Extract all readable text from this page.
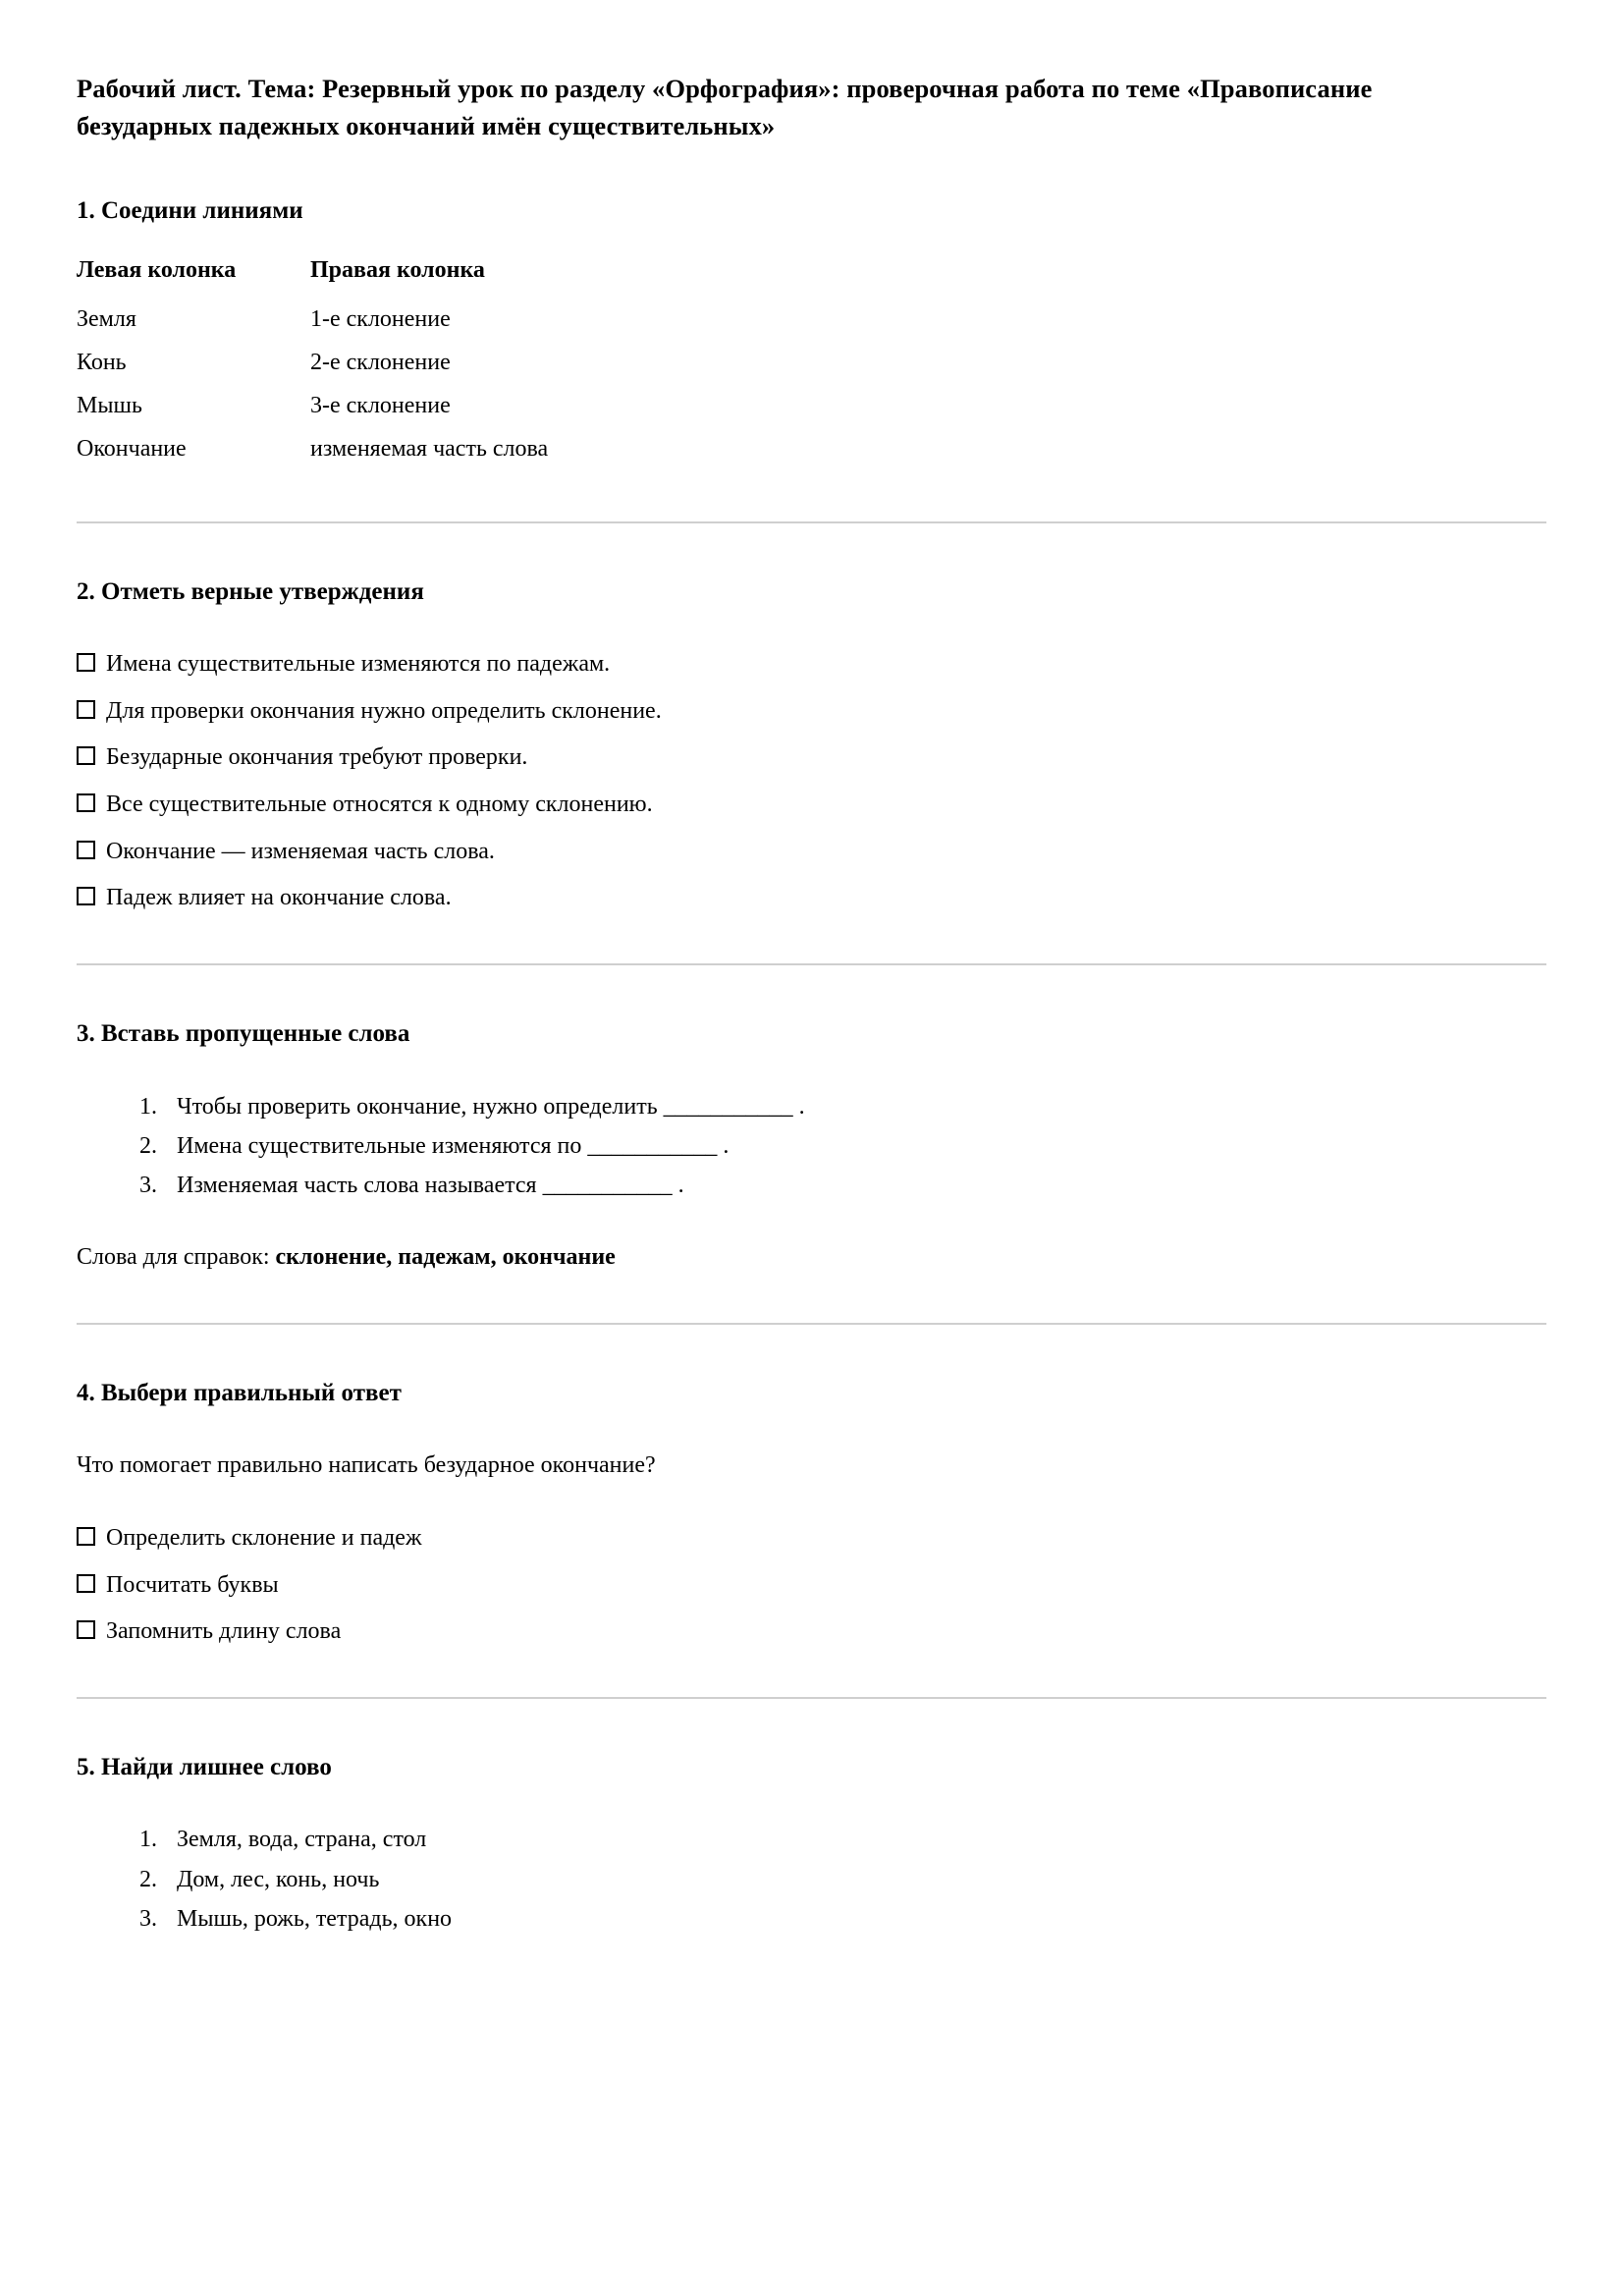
Рабочий лист. Тема: Резервный урок по разделу «Орфография»: проверочная работа по теме «Правописание безударных падежных окончаний имён существительных»
1. Соедини линиями
Левая колонка	Правая колонка
Земля	1-е склонение
Конь	2-е склонение
Мышь	3-е склонение
Окончание	изменяемая часть слова
2. Отметь верные утверждения
Имена существительные изменяются по падежам.
Для проверки окончания нужно определить склонение.
Безударные окончания требуют проверки.
Все существительные относятся к одному склонению.
Окончание — изменяемая часть слова.
Падеж влияет на окончание слова.
3. Вставь пропущенные слова
1. Чтобы проверить окончание, нужно определить ___________ .
2. Имена существительные изменяются по ___________ .
3. Изменяемая часть слова называется ___________ .

Слова для справок: склонение, падежам, окончание

4. Выбери правильный ответ

Что помогает правильно написать безударное окончание?

Определить склонение и падеж
Посчитать буквы
Запомнить длину слова
5. Найди лишнее слово
1. Земля, вода, страна, стол
2. Дом, лес, конь, ночь
3. Мышь, рожь, тетрадь, окно
